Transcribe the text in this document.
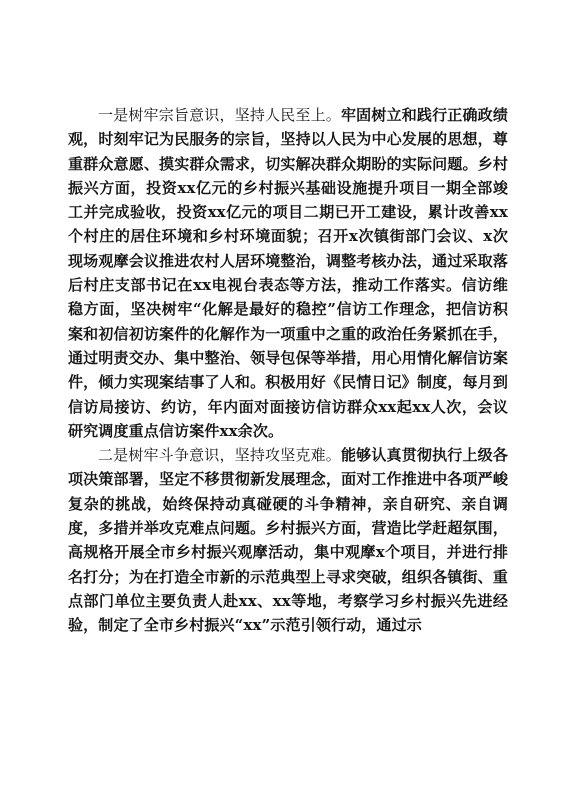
一是树牢宗旨意识，坚持人民至上。牢固树立和践行正确政绩观，时刻牢记为民服务的宗旨，坚持以人民为中心发展的思想，尊重群众意愿、摸实群众需求，切实解决群众期盼的实际问题。乡村振兴方面，投资xx亿元的乡村振兴基础设施提升项目一期全部竣工并完成验收，投资xx亿元的项目二期已开工建设，累计改善xx个村庄的居住环境和乡村环境面貌；召开x次镇街部门会议、x次现场观摩会议推进农村人居环境整治，调整考核办法，通过采取落后村庄支部书记在xx电视台表态等方法，推动工作落实。信访维稳方面，坚决树牢“化解是最好的稳控”信访工作理念，把信访积案和初信初访案件的化解作为一项重中之重的政治任务紧抓在手，通过明责交办、集中整治、领导包保等举措，用心用情化解信访案件，倾力实现案结事了人和。积极用好《民情日记》制度，每月到信访局接访、约访，年内面对面接访信访群众xx起xx人次，会议研究调度重点信访案件xx余次。

二是树牢斗争意识，坚持攻坚克难。能够认真贯彻执行上级各项决策部署，坚定不移贯彻新发展理念，面对工作推进中各项严峻复杂的挑战，始终保持动真碰硬的斗争精神，亲自研究、亲自调度，多措并举攻克难点问题。乡村振兴方面，营造比学赶超氛围，高规格开展全市乡村振兴观摩活动，集中观摩x个项目，并进行排名打分；为在打造全市新的示范典型上寻求突破，组织各镇街、重点部门单位主要负责人赴xx、xx等地，考察学习乡村振兴先进经验，制定了全市乡村振兴“xx”示范引领行动，通过示
